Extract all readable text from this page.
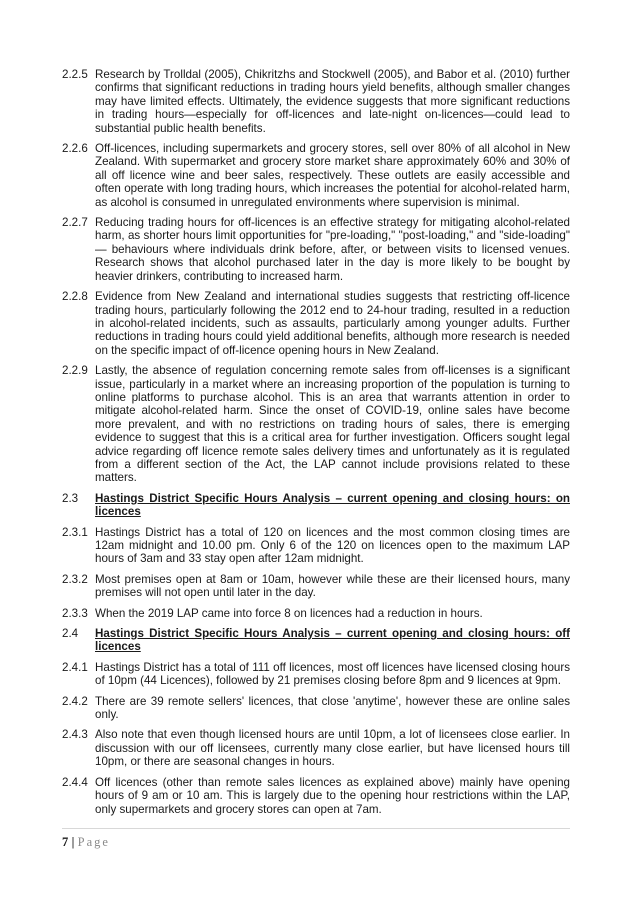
2.2.5 Research by Trolldal (2005), Chikritzhs and Stockwell (2005), and Babor et al. (2010) further confirms that significant reductions in trading hours yield benefits, although smaller changes may have limited effects. Ultimately, the evidence suggests that more significant reductions in trading hours—especially for off-licences and late-night on-licences—could lead to substantial public health benefits.
2.2.6 Off-licences, including supermarkets and grocery stores, sell over 80% of all alcohol in New Zealand. With supermarket and grocery store market share approximately 60% and 30% of all off licence wine and beer sales, respectively. These outlets are easily accessible and often operate with long trading hours, which increases the potential for alcohol-related harm, as alcohol is consumed in unregulated environments where supervision is minimal.
2.2.7 Reducing trading hours for off-licences is an effective strategy for mitigating alcohol-related harm, as shorter hours limit opportunities for "pre-loading," "post-loading," and "side-loading" — behaviours where individuals drink before, after, or between visits to licensed venues. Research shows that alcohol purchased later in the day is more likely to be bought by heavier drinkers, contributing to increased harm.
2.2.8 Evidence from New Zealand and international studies suggests that restricting off-licence trading hours, particularly following the 2012 end to 24-hour trading, resulted in a reduction in alcohol-related incidents, such as assaults, particularly among younger adults. Further reductions in trading hours could yield additional benefits, although more research is needed on the specific impact of off-licence opening hours in New Zealand.
2.2.9 Lastly, the absence of regulation concerning remote sales from off-licenses is a significant issue, particularly in a market where an increasing proportion of the population is turning to online platforms to purchase alcohol. This is an area that warrants attention in order to mitigate alcohol-related harm. Since the onset of COVID-19, online sales have become more prevalent, and with no restrictions on trading hours of sales, there is emerging evidence to suggest that this is a critical area for further investigation. Officers sought legal advice regarding off licence remote sales delivery times and unfortunately as it is regulated from a different section of the Act, the LAP cannot include provisions related to these matters.
2.3	Hastings District Specific Hours Analysis – current opening and closing hours: on licences
2.3.1 Hastings District has a total of 120 on licences and the most common closing times are 12am midnight and 10.00 pm. Only 6 of the 120 on licences open to the maximum LAP hours of 3am and 33 stay open after 12am midnight.
2.3.2 Most premises open at 8am or 10am, however while these are their licensed hours, many premises will not open until later in the day.
2.3.3 When the 2019 LAP came into force 8 on licences had a reduction in hours.
2.4	Hastings District Specific Hours Analysis – current opening and closing hours: off licences
2.4.1 Hastings District has a total of 111 off licences, most off licences have licensed closing hours of 10pm (44 Licences), followed by 21 premises closing before 8pm and 9 licences at 9pm.
2.4.2 There are 39 remote sellers' licences, that close 'anytime', however these are online sales only.
2.4.3 Also note that even though licensed hours are until 10pm, a lot of licensees close earlier. In discussion with our off licensees, currently many close earlier, but have licensed hours till 10pm, or there are seasonal changes in hours.
2.4.4 Off licences (other than remote sales licences as explained above) mainly have opening hours of 9 am or 10 am. This is largely due to the opening hour restrictions within the LAP, only supermarkets and grocery stores can open at 7am.
7 | Page
